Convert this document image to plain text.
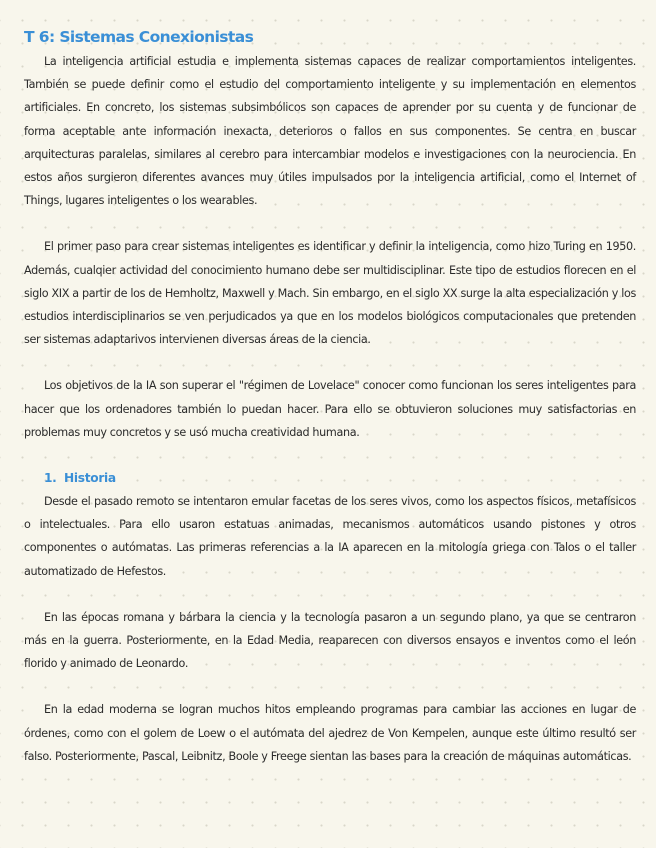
T 6: Sistemas Conexionistas

La inteligencia artificial estudia e implementa sistemas capaces de realizar comportamientos inteligentes. También se puede definir como el estudio del comportamiento inteligente y su implementación en elementos artificiales. En concreto, los sistemas subsimbólicos son capaces de aprender por su cuenta y de funcionar de forma aceptable ante información inexacta, deterioros o fallos en sus componentes. Se centra en buscar arquitecturas paralelas, similares al cerebro para intercambiar modelos e investigaciones con la neurociencia. En estos años surgieron diferentes avances muy útiles impulsados por la inteligencia artificial, como el Internet of Things, lugares inteligentes o los wearables.

El primer paso para crear sistemas inteligentes es identificar y definir la inteligencia, como hizo Turing en 1950. Además, cualqier actividad del conocimiento humano debe ser multidisciplinar. Este tipo de estudios florecen en el siglo XIX a partir de los de Hemholtz, Maxwell y Mach. Sin embargo, en el siglo XX surge la alta especialización y los estudios interdisciplinarios se ven perjudicados ya que en los modelos biológicos computacionales que pretenden ser sistemas adaptarivos intervienen diversas áreas de la ciencia.

Los objetivos de la IA son superar el "régimen de Lovelace" conocer como funcionan los seres inteligentes para hacer que los ordenadores también lo puedan hacer. Para ello se obtuvieron soluciones muy satisfactorias en problemas muy concretos y se usó mucha creatividad humana.

1. Historia

Desde el pasado remoto se intentaron emular facetas de los seres vivos, como los aspectos físicos, metafísicos o intelectuales. Para ello usaron estatuas animadas, mecanismos automáticos usando pistones y otros componentes o autómatas. Las primeras referencias a la IA aparecen en la mitología griega con Talos o el taller automatizado de Hefestos.

En las épocas romana y bárbara la ciencia y la tecnología pasaron a un segundo plano, ya que se centraron más en la guerra. Posteriormente, en la Edad Media, reaparecen con diversos ensayos e inventos como el león florido y animado de Leonardo.

En la edad moderna se logran muchos hitos empleando programas para cambiar las acciones en lugar de órdenes, como con el golem de Loew o el autómata del ajedrez de Von Kempelen, aunque este último resultó ser falso. Posteriormente, Pascal, Leibnitz, Boole y Freege sientan las bases para la creación de máquinas automáticas.
